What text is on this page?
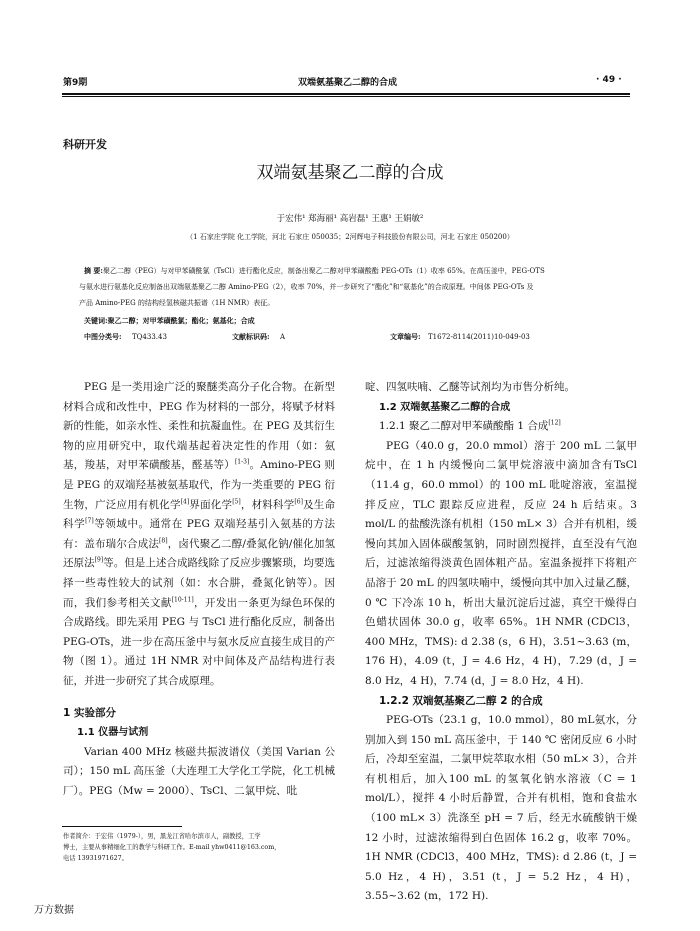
第9期	双端氨基聚乙二醇的合成	· 49 ·
科研开发
双端氨基聚乙二醇的合成
于宏伟¹ 郑海丽¹ 高岩磊¹ 王惠¹ 王娟敏²
（1 石家庄学院 化工学院，河北 石家庄 050035；2河辉电子科技股份有限公司，河北 石家庄 050200）
摘 要:聚乙二醇（PEG）与对甲苯磺酰氯（TsCl）进行酯化反应，制备出聚乙二醇对甲苯磺酸酯 PEG-OTs（1）收率 65%。在高压釜中，PEG-OTS
与氨水进行氨基化反应制备出双端氨基聚乙二醇 Amino-PEG（2），收率 70%，并一步研究了“酯化”和“氨基化”的合成原理。中间体 PEG-OTs 及
产品 Amino-PEG 的结构经氢核磁共振谱（1H NMR）表征。
关键词:聚乙二醇；对甲苯磺酰氯；酯化；氨基化；合成
中图分类号: TQ433.43	文献标识码: A	文章编号: T1672-8114(2011)10-049-03

PEG 是一类用途广泛的聚醚类高分子化合物。在新型材料合成和改性中，PEG 作为材料的一部分，将赋予材料新的性能，如亲水性、柔性和抗凝血性。在 PEG 及其衍生物的应用研究中，取代端基起着决定性的作用（如：氨基，羧基，对甲苯磺酸基，醛基等）[1-3]。Amino-PEG 则是 PEG 的双端羟基被氨基取代，作为一类重要的 PEG 衍生物，广泛应用有机化学[4]界面化学[5]，材料科学[6]及生命科学[7]等领域中。通常在 PEG 双端羟基引入氨基的方法有：盖布瑞尔合成法[8]，卤代聚乙二醇/叠氮化钠/催化加氢还原法[9]等。但是上述合成路线除了反应步骤繁琐，均要选择一些毒性较大的试剂（如：水合肼，叠氮化钠等）。因而，我们参考相关文献[10-11]，开发出一条更为绿色环保的合成路线。即先采用 PEG 与 TsCl 进行酯化反应，制备出 PEG-OTs，进一步在高压釜中与氨水反应直接生成目的产物（图 1）。通过 1H NMR 对中间体及产品结构进行表征，并进一步研究了其合成原理。

1 实验部分

1.1 仪器与试剂

Varian 400 MHz 核磁共振波谱仪（美国 Varian 公司）；150 mL 高压釜（大连理工大学化工学院，化工机械厂）。PEG（Mw = 2000）、TsCl、二氯甲烷、吡

作者简介：于宏伟（1979-），男，黑龙江省哈尔滨市人，副教授，工学
博士，主要从事精细化工的教学与科研工作。E-mail yhw0411@163.com，
电话 13931971627。

啶、四氢呋喃、乙醚等试剂均为市售分析纯。

1.2 双端氨基聚乙二醇的合成

1.2.1 聚乙二醇对甲苯磺酸酯 1 合成[12]

PEG（40.0 g，20.0 mmol）溶于 200 mL 二氯甲烷中，在 1 h 内缓慢向二氯甲烷溶液中滴加含有TsCl（11.4 g，60.0 mmol）的 100 mL 吡啶溶液，室温搅拌反应，TLC 跟踪反应进程，反应 24 h 后结束。3 mol/L 的盐酸洗涤有机相（150 mL× 3）合并有机相，缓慢向其加入固体碳酸氢钠，同时剧烈搅拌，直至没有气泡后，过滤浓缩得淡黄色固体粗产品。室温条搅拌下将粗产品溶于 20 mL 的四氢呋喃中，缓慢向其中加入过量乙醚，0 ℃ 下冷冻 10 h，析出大量沉淀后过滤，真空干燥得白色蜡状固体 30.0 g，收率 65%。1H NMR (CDCl3，400 MHz，TMS): d 2.38 (s，6 H)，3.51~3.63 (m，176 H)，4.09 (t，J = 4.6 Hz，4 H)，7.29 (d，J = 8.0 Hz，4 H)，7.74 (d，J = 8.0 Hz，4 H).

1.2.2 双端氨基聚乙二醇 2 的合成

PEG-OTs（23.1 g，10.0 mmol），80 mL氨水，分别加入到 150 mL 高压釜中，于 140 ℃ 密闭反应 6 小时后，冷却至室温，二氯甲烷萃取水相（50 mL× 3），合并有机相后，加入100 mL 的氢氧化钠水溶液（C = 1 mol/L），搅拌 4 小时后静置，合并有机相，饱和食盐水（100 mL× 3）洗涤至 pH = 7 后，经无水硫酸钠干燥 12 小时，过滤浓缩得到白色固体 16.2 g，收率 70%。1H NMR (CDCl3，400 MHz，TMS): d 2.86 (t，J = 5.0 Hz，4 H)，3.51 (t，J = 5.2 Hz，4 H)，3.55~3.62 (m，172 H).

万方数据
